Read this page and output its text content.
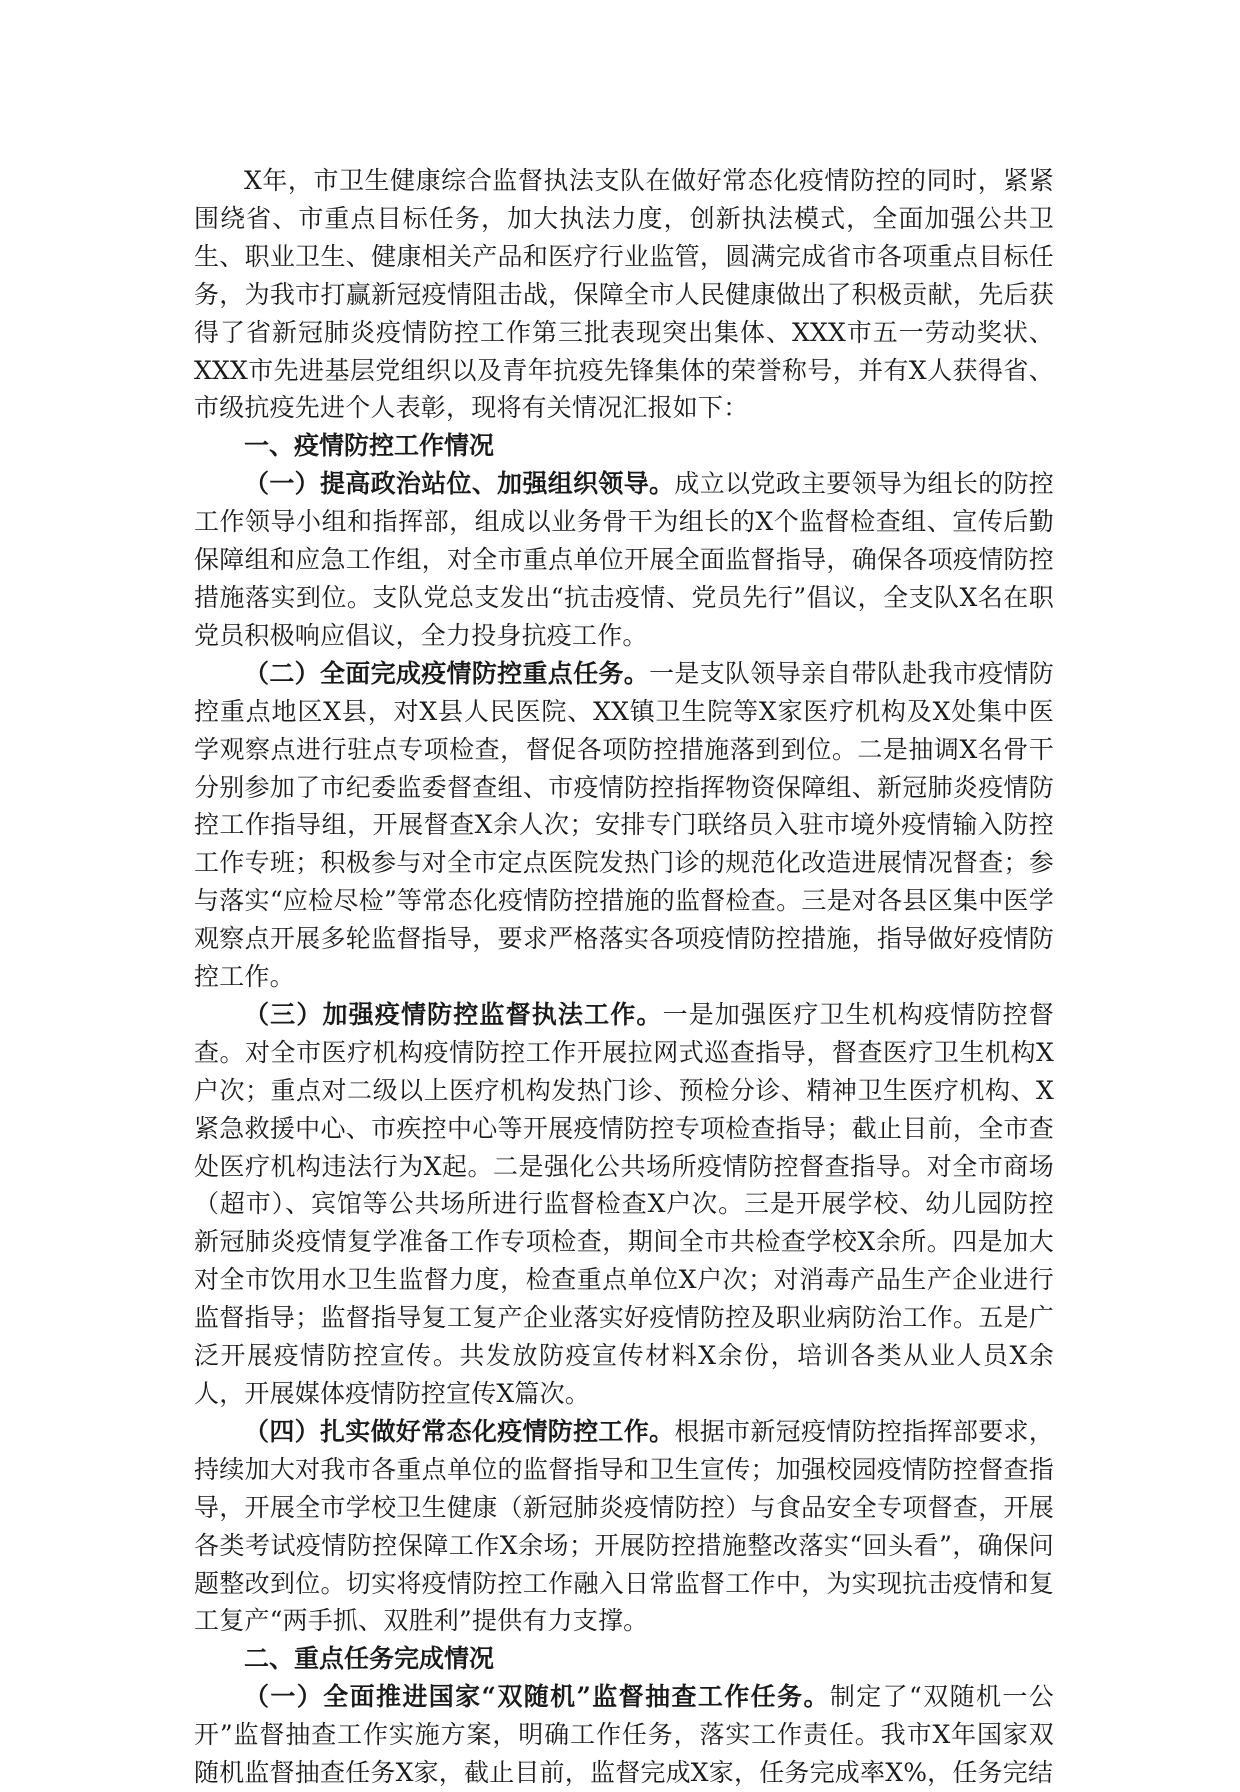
X年，市卫生健康综合监督执法支队在做好常态化疫情防控的同时，紧紧围绕省、市重点目标任务，加大执法力度，创新执法模式，全面加强公共卫生、职业卫生、健康相关产品和医疗行业监管，圆满完成省市各项重点目标任务，为我市打赢新冠疫情阻击战，保障全市人民健康做出了积极贡献，先后获得了省新冠肺炎疫情防控工作第三批表现突出集体、XXX市五一劳动奖状、XXX市先进基层党组织以及青年抗疫先锋集体的荣誉称号，并有X人获得省、市级抗疫先进个人表彰，现将有关情况汇报如下：

一、疫情防控工作情况

（一）提高政治站位、加强组织领导。成立以党政主要领导为组长的防控工作领导小组和指挥部，组成以业务骨干为组长的X个监督检查组、宣传后勤保障组和应急工作组，对全市重点单位开展全面监督指导，确保各项疫情防控措施落实到位。支队党总支发出“抗击疫情、党员先行”倡议，全支队X名在职党员积极响应倡议，全力投身抗疫工作。

（二）全面完成疫情防控重点任务。一是支队领导亲自带队赴我市疫情防控重点地区X县，对X县人民医院、XX镇卫生院等X家医疗机构及X处集中医学观察点进行驻点专项检查，督促各项防控措施落到到位。二是抽调X名骨干分别参加了市纪委监委督查组、市疫情防控指挥物资保障组、新冠肺炎疫情防控工作指导组，开展督查X余人次；安排专门联络员入驻市境外疫情输入防控工作专班；积极参与对全市定点医院发热门诊的规范化改造进展情况督查；参与落实“应检尽检”等常态化疫情防控措施的监督检查。三是对各县区集中医学观察点开展多轮监督指导，要求严格落实各项疫情防控措施，指导做好疫情防控工作。

（三）加强疫情防控监督执法工作。一是加强医疗卫生机构疫情防控督查。对全市医疗机构疫情防控工作开展拉网式巡查指导，督查医疗卫生机构X户次；重点对二级以上医疗机构发热门诊、预检分诊、精神卫生医疗机构、X紧急救援中心、市疾控中心等开展疫情防控专项检查指导；截止目前，全市查处医疗机构违法行为X起。二是强化公共场所疫情防控督查指导。对全市商场（超市）、宾馆等公共场所进行监督检查X户次。三是开展学校、幼儿园防控新冠肺炎疫情复学准备工作专项检查，期间全市共检查学校X余所。四是加大对全市饮用水卫生监督力度，检查重点单位X户次；对消毒产品生产企业进行监督指导；监督指导复工复产企业落实好疫情防控及职业病防治工作。五是广泛开展疫情防控宣传。共发放防疫宣传材料X余份，培训各类从业人员X余人，开展媒体疫情防控宣传X篇次。

（四）扎实做好常态化疫情防控工作。根据市新冠疫情防控指挥部要求，持续加大对我市各重点单位的监督指导和卫生宣传；加强校园疫情防控督查指导，开展全市学校卫生健康（新冠肺炎疫情防控）与食品安全专项督查，开展各类考试疫情防控保障工作X余场；开展防控措施整改落实“回头看”，确保问题整改到位。切实将疫情防控工作融入日常监督工作中，为实现抗击疫情和复工复产“两手抓、双胜利”提供有力支撑。

二、重点任务完成情况

（一）全面推进国家“双随机”监督抽查工作任务。制定了“双随机一公开”监督抽查工作实施方案，明确工作任务，落实工作责任。我市X年国家双随机监督抽查任务X家，截止目前，监督完成X家，任务完成率X%，任务完结
